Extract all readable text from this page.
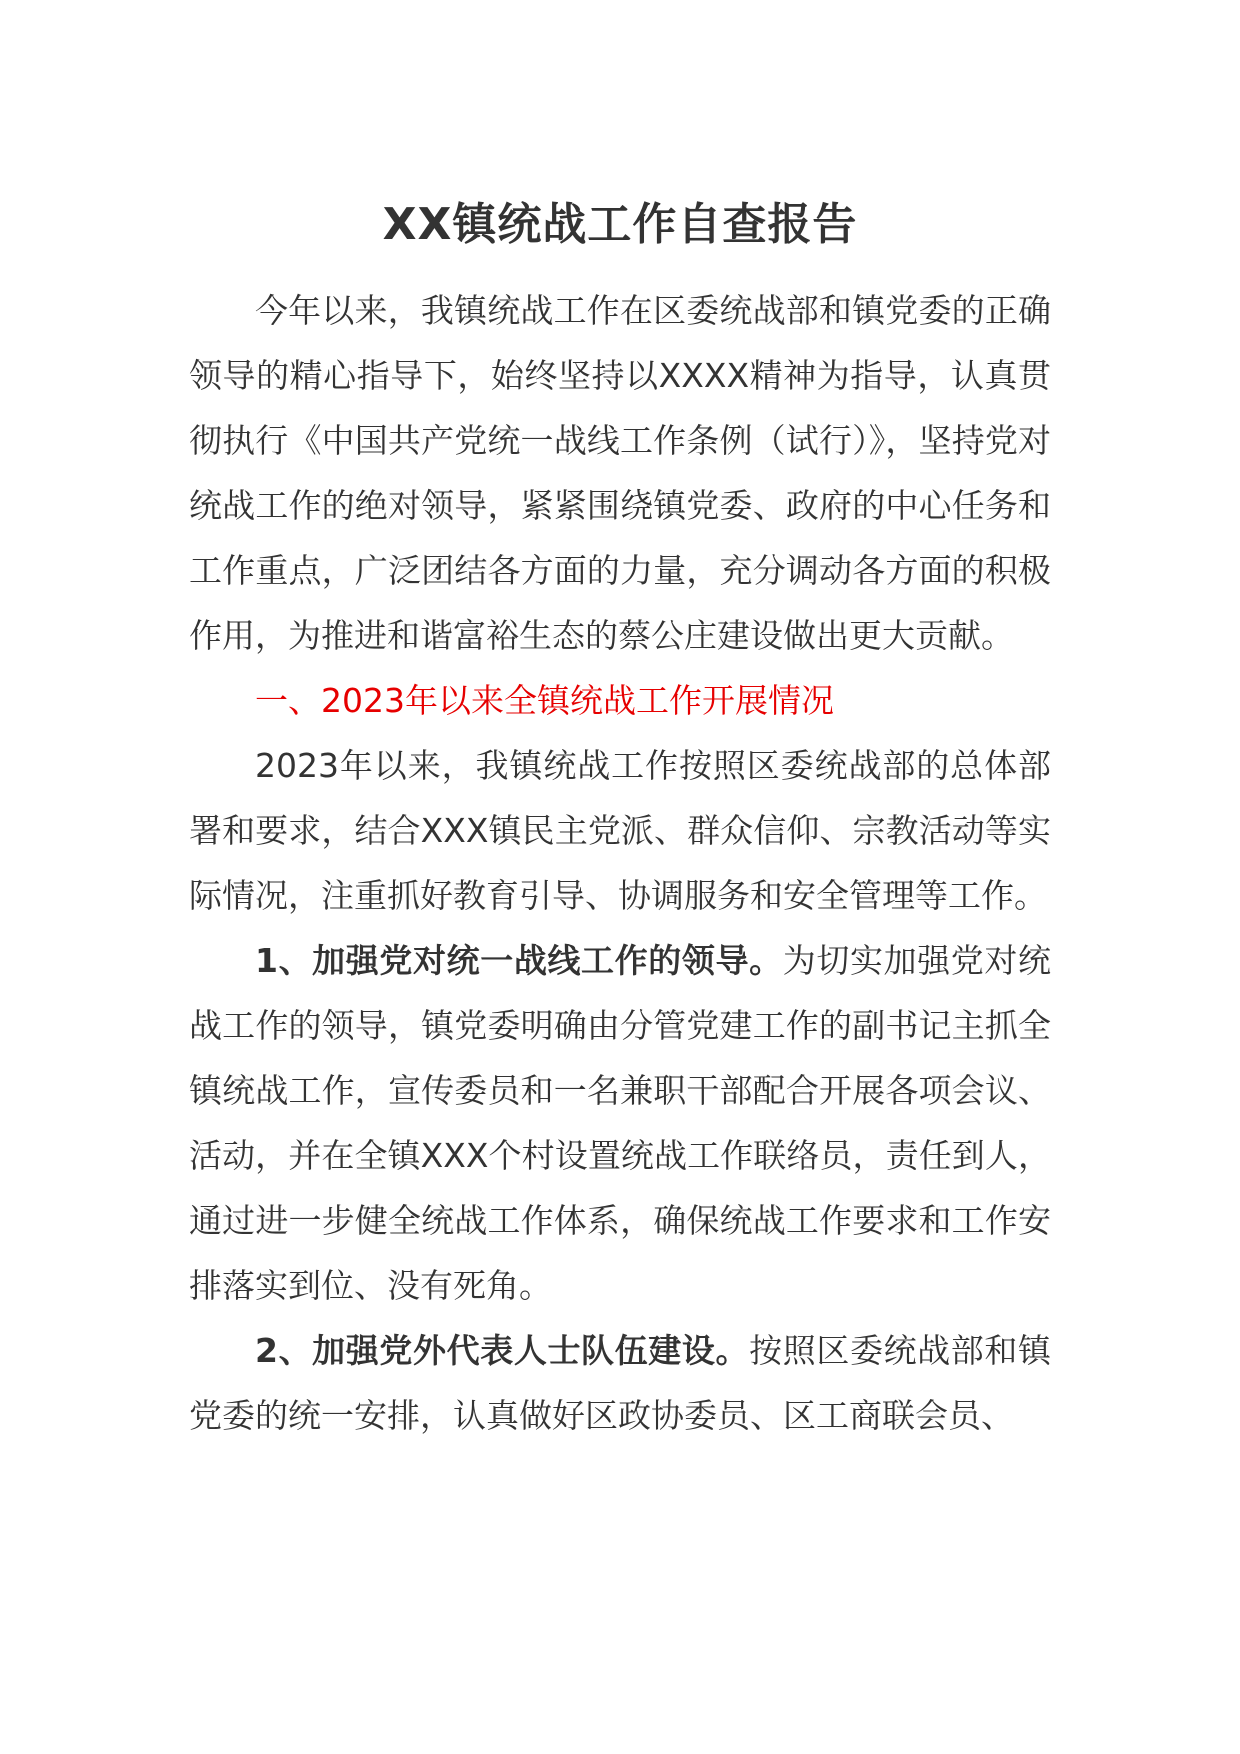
XX镇统战工作自查报告

今年以来，我镇统战工作在区委统战部和镇党委的正确领导的精心指导下，始终坚持以XXXX精神为指导，认真贯彻执行《中国共产党统一战线工作条例（试行）》，坚持党对统战工作的绝对领导，紧紧围绕镇党委、政府的中心任务和工作重点，广泛团结各方面的力量，充分调动各方面的积极作用，为推进和谐富裕生态的蔡公庄建设做出更大贡献。

一、2023年以来全镇统战工作开展情况

2023年以来，我镇统战工作按照区委统战部的总体部署和要求，结合XXX镇民主党派、群众信仰、宗教活动等实际情况，注重抓好教育引导、协调服务和安全管理等工作。

1、加强党对统一战线工作的领导。为切实加强党对统战工作的领导，镇党委明确由分管党建工作的副书记主抓全镇统战工作，宣传委员和一名兼职干部配合开展各项会议、活动，并在全镇XXX个村设置统战工作联络员，责任到人，通过进一步健全统战工作体系，确保统战工作要求和工作安排落实到位、没有死角。

2、加强党外代表人士队伍建设。按照区委统战部和镇党委的统一安排，认真做好区政协委员、区工商联会员、
